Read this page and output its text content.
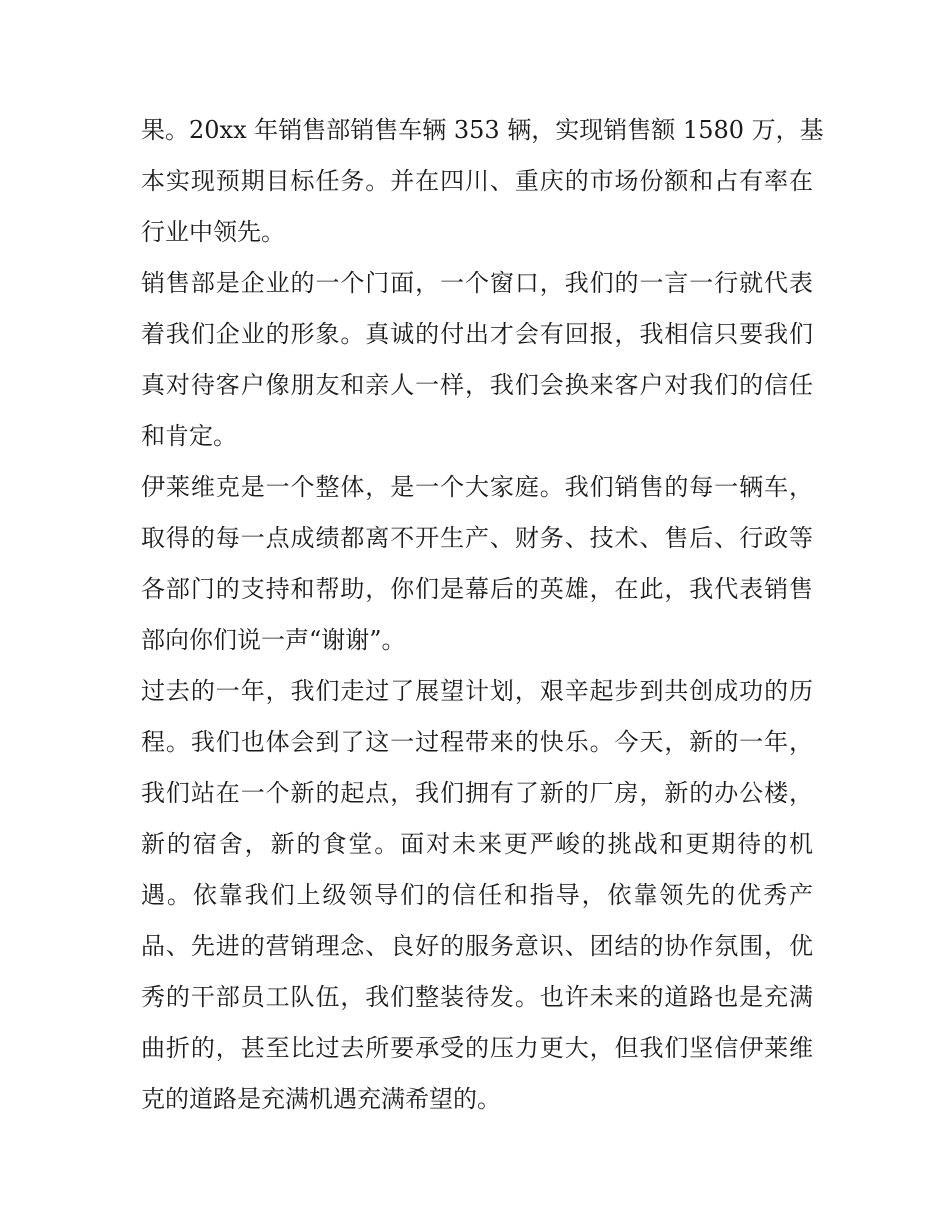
果。20xx 年销售部销售车辆 353 辆，实现销售额 1580 万，基
本实现预期目标任务。并在四川、重庆的市场份额和占有率在
行业中领先。
销售部是企业的一个门面，一个窗口，我们的一言一行就代表
着我们企业的形象。真诚的付出才会有回报，我相信只要我们
真对待客户像朋友和亲人一样，我们会换来客户对我们的信任
和肯定。
伊莱维克是一个整体，是一个大家庭。我们销售的每一辆车，
取得的每一点成绩都离不开生产、财务、技术、售后、行政等
各部门的支持和帮助，你们是幕后的英雄，在此，我代表销售
部向你们说一声“谢谢”。
过去的一年，我们走过了展望计划，艰辛起步到共创成功的历
程。我们也体会到了这一过程带来的快乐。今天，新的一年，
我们站在一个新的起点，我们拥有了新的厂房，新的办公楼，
新的宿舍，新的食堂。面对未来更严峻的挑战和更期待的机
遇。依靠我们上级领导们的信任和指导，依靠领先的优秀产
品、先进的营销理念、良好的服务意识、团结的协作氛围，优
秀的干部员工队伍，我们整装待发。也许未来的道路也是充满
曲折的，甚至比过去所要承受的压力更大，但我们坚信伊莱维
克的道路是充满机遇充满希望的。
